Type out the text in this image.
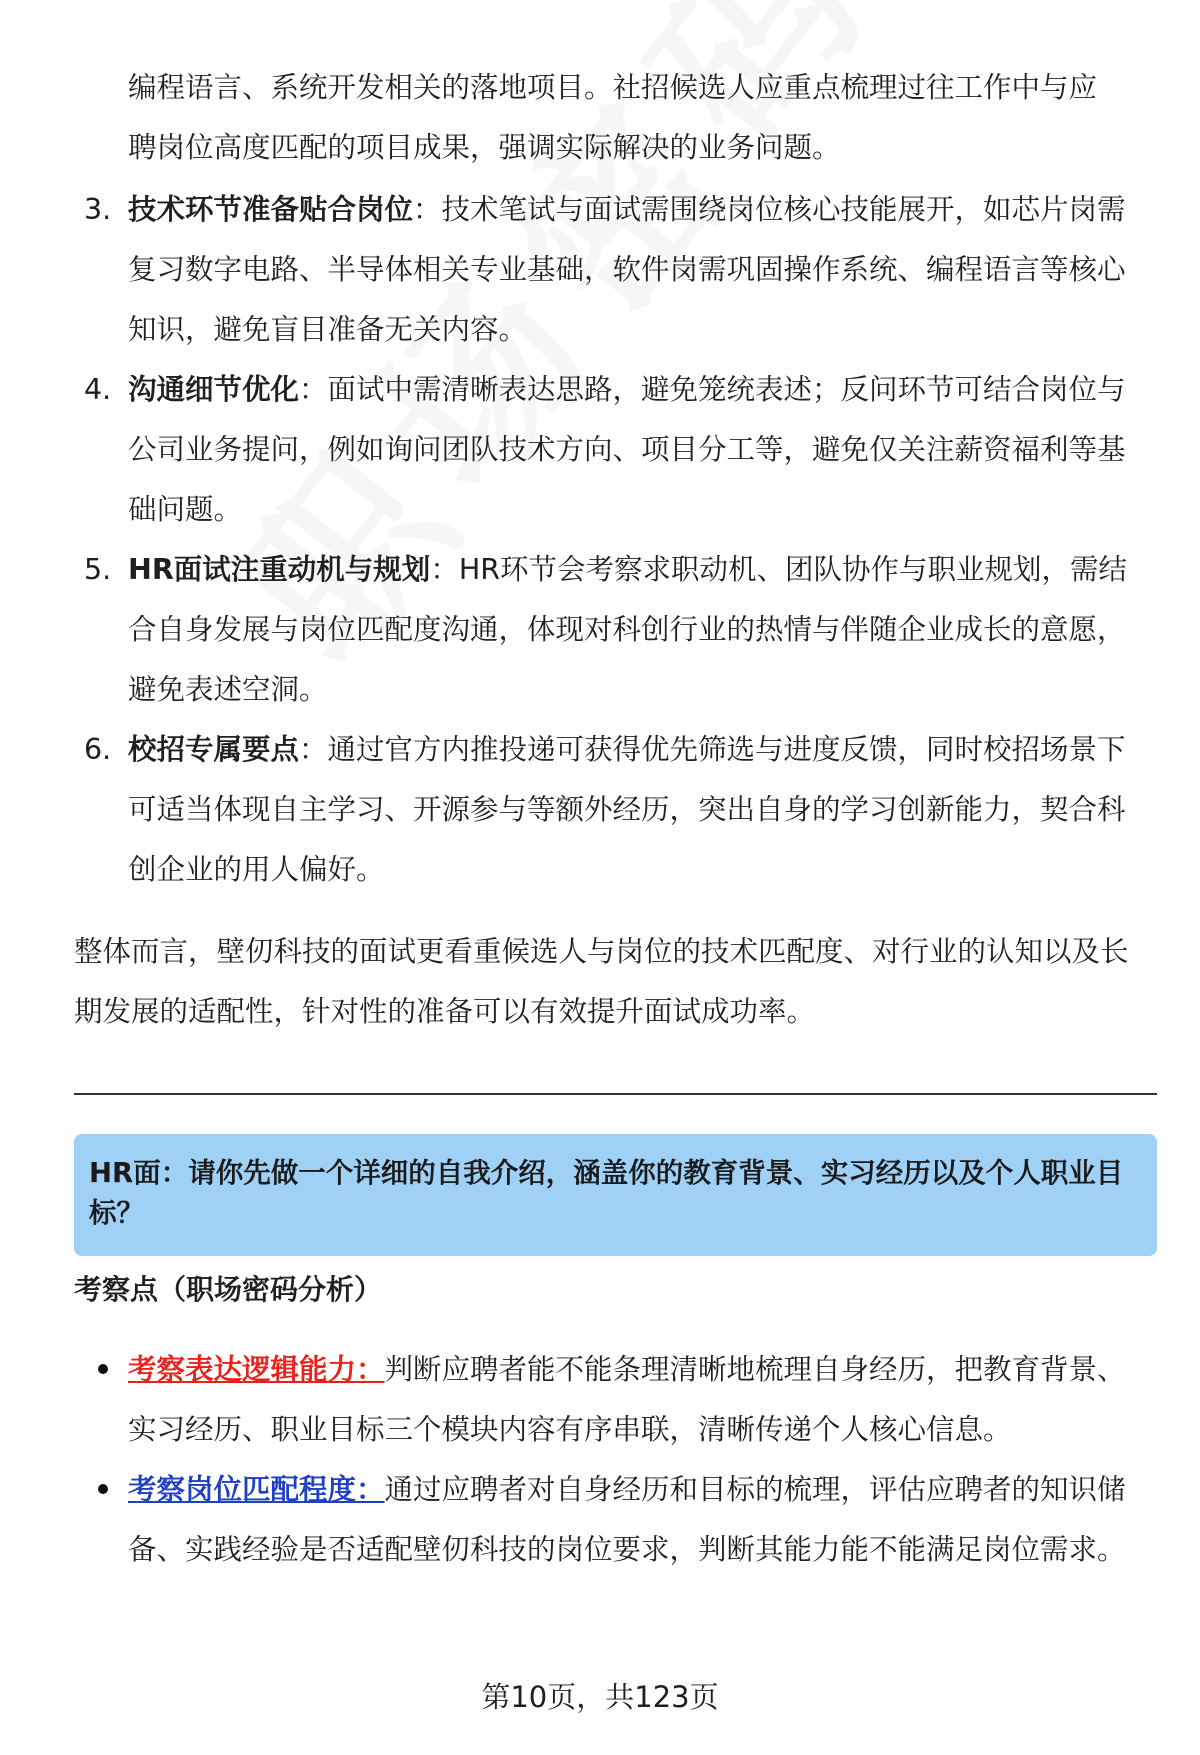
编程语言、系统开发相关的落地项目。社招候选人应重点梳理过往工作中与应

聘岗位高度匹配的项目成果，强调实际解决的业务问题。

3. 技术环节准备贴合岗位：技术笔试与面试需围绕岗位核心技能展开，如芯片岗需复习数字电路、半导体相关专业基础，软件岗需巩固操作系统、编程语言等核心知识，避免盲目准备无关内容。
4. 沟通细节优化：面试中需清晰表达思路，避免笼统表述；反问环节可结合岗位与公司业务提问，例如询问团队技术方向、项目分工等，避免仅关注薪资福利等基础问题。
5. HR面试注重动机与规划：HR环节会考察求职动机、团队协作与职业规划，需结合自身发展与岗位匹配度沟通，体现对科创行业的热情与伴随企业成长的意愿，避免表述空洞。
6. 校招专属要点：通过官方内推投递可获得优先筛选与进度反馈，同时校招场景下可适当体现自主学习、开源参与等额外经历，突出自身的学习创新能力，契合科创企业的用人偏好。

整体而言，壁仞科技的面试更看重候选人与岗位的技术匹配度、对行业的认知以及长期发展的适配性，针对性的准备可以有效提升面试成功率。

HR面：请你先做一个详细的自我介绍，涵盖你的教育背景、实习经历以及个人职业目标？

考察点（职场密码分析）

考察表达逻辑能力：判断应聘者能不能条理清晰地梳理自身经历，把教育背景、实习经历、职业目标三个模块内容有序串联，清晰传递个人核心信息。
考察岗位匹配程度：通过应聘者对自身经历和目标的梳理，评估应聘者的知识储备、实践经验是否适配壁仞科技的岗位要求，判断其能力能不能满足岗位需求。
第10页，共123页
